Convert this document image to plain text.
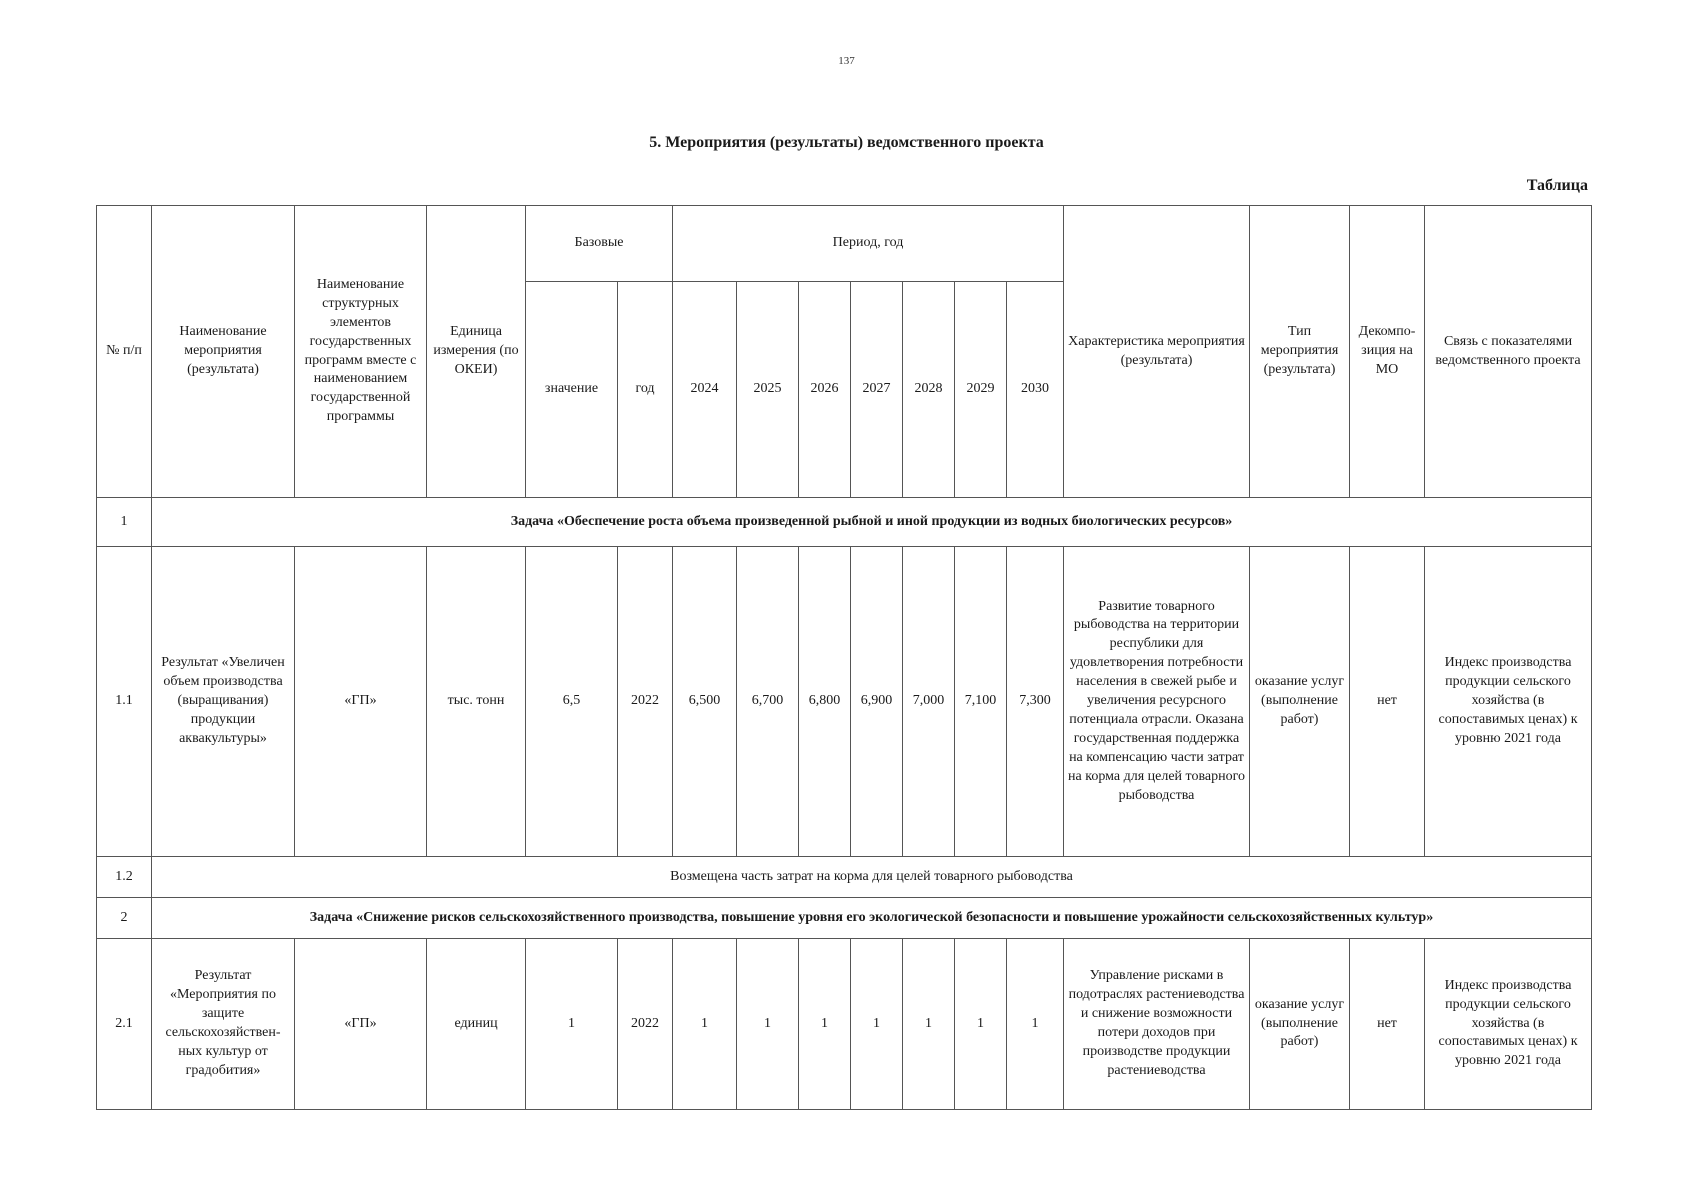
137
5. Мероприятия (результаты) ведомственного проекта
Таблица
№ п/п	Наименование мероприятия (результата)	Наименование структурных элементов государственных программ вместе с наименованием государственной программы	Единица измерения (по ОКЕИ)	Базовые		Период, год							Характеристика мероприятия (результата)	Тип мероприятия (результата)	Декомпо-зиция на МО	Связь с показателями ведомственного проекта
				значение	год	2024	2025	2026	2027	2028	2029	2030				
1	Задача «Обеспечение роста объема произведенной рыбной и иной продукции из водных биологических ресурсов»															
1.1	Результат «Увеличен объем производства (выращивания) продукции аквакультуры»	«ГП»	тыс. тонн	6,5	2022	6,500	6,700	6,800	6,900	7,000	7,100	7,300	Развитие товарного рыбоводства на территории республики для удовлетворения потребности населения в свежей рыбе и увеличения ресурсного потенциала отрасли. Оказана государственная поддержка на компенсацию части затрат на корма для целей товарного рыбоводства	оказание услуг (выполнение работ)	нет	Индекс производства продукции сельского хозяйства (в сопоставимых ценах) к уровню 2021 года
1.2	Возмещена часть затрат на корма для целей товарного рыбоводства															
2	Задача «Снижение рисков сельскохозяйственного производства, повышение уровня его экологической безопасности и повышение урожайности сельскохозяйственных культур»															
2.1	Результат «Мероприятия по защите сельскохозяйствен-ных культур от градобития»	«ГП»	единиц	1	2022	1	1	1	1	1	1	1	Управление рисками в подотраслях растениеводства и снижение возможности потери доходов при производстве продукции растениеводства	оказание услуг (выполнение работ)	нет	Индекс производства продукции сельского хозяйства (в сопоставимых ценах) к уровню 2021 года
